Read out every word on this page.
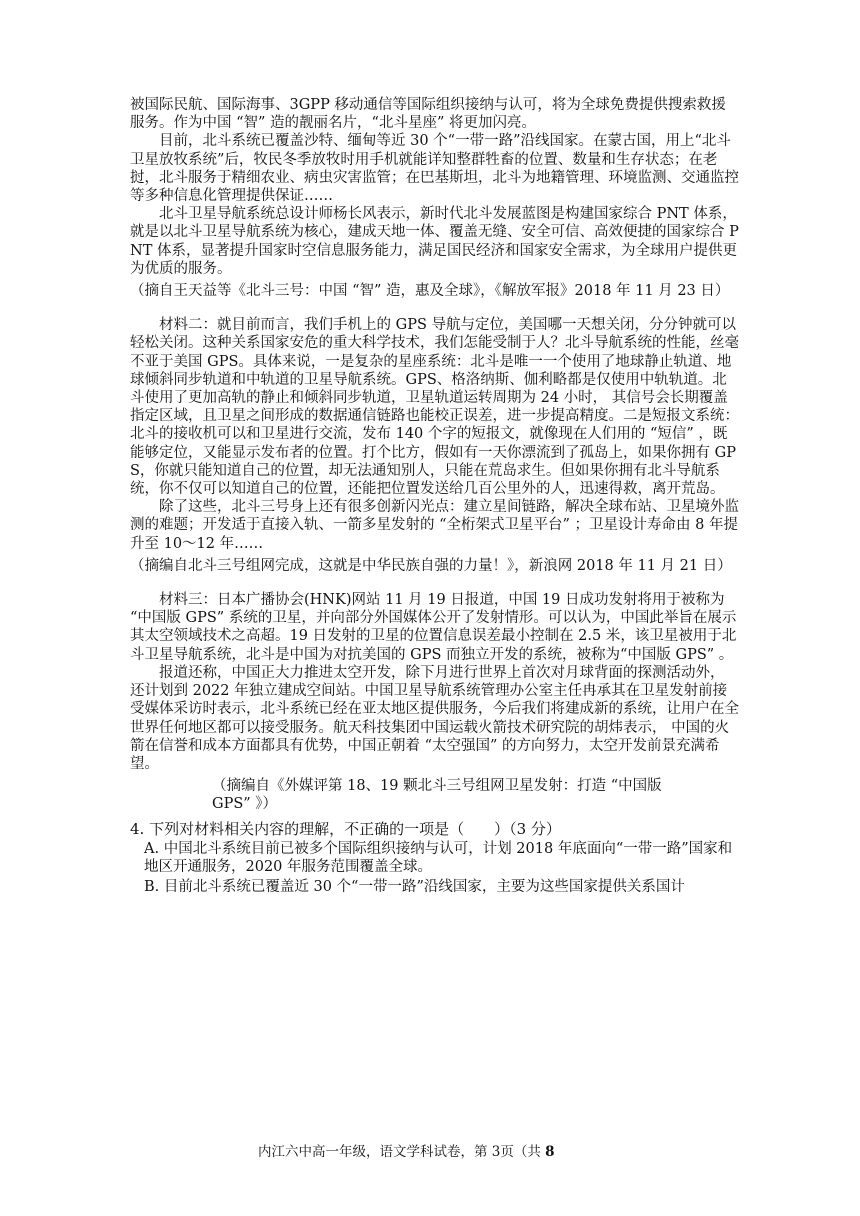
被国际民航、国际海事、3GPP 移动通信等国际组织接纳与认可，将为全球免费提供搜索救援服务。作为中国 “智” 造的靓丽名片，“北斗星座” 将更加闪亮。

目前，北斗系统已覆盖沙特、缅甸等近 30 个“一带一路”沿线国家。在蒙古国，用上“北斗卫星放牧系统”后，牧民冬季放牧时用手机就能详知整群牲畜的位置、数量和生存状态；在老挝，北斗服务于精细农业、病虫灾害监管；在巴基斯坦，北斗为地籍管理、环境监测、交通监控等多种信息化管理提供保证……

北斗卫星导航系统总设计师杨长风表示，新时代北斗发展蓝图是构建国家综合 PNT 体系，就是以北斗卫星导航系统为核心，建成天地一体、覆盖无缝、安全可信、高效便捷的国家综合 PNT 体系，显著提升国家时空信息服务能力，满足国民经济和国家安全需求，为全球用户提供更为优质的服务。

（摘自王天益等《北斗三号：中国 “智” 造，惠及全球》，《解放军报》2018 年 11 月 23 日）

材料二：就目前而言，我们手机上的 GPS 导航与定位，美国哪一天想关闭，分分钟就可以轻松关闭。这种关系国家安危的重大科学技术，我们怎能受制于人？北斗导航系统的性能，丝毫不亚于美国 GPS。具体来说，一是复杂的星座系统：北斗是唯一一个使用了地球静止轨道、地球倾斜同步轨道和中轨道的卫星导航系统。GPS、格洛纳斯、伽利略都是仅使用中轨轨道。北斗使用了更加高轨的静止和倾斜同步轨道，卫星轨道运转周期为 24 小时， 其信号会长期覆盖指定区域，且卫星之间形成的数据通信链路也能校正误差，进一步提高精度。二是短报文系统：北斗的接收机可以和卫星进行交流，发布 140 个字的短报文，就像现在人们用的 “短信” ，既能够定位，又能显示发布者的位置。打个比方，假如有一天你漂流到了孤岛上，如果你拥有 GPS，你就只能知道自己的位置，却无法通知别人，只能在荒岛求生。但如果你拥有北斗导航系统，你不仅可以知道自己的位置，还能把位置发送给几百公里外的人，迅速得救，离开荒岛。

除了这些，北斗三号身上还有很多创新闪光点：建立星间链路，解决全球布站、卫星境外监测的难题；开发适于直接入轨、一箭多星发射的 “全桁架式卫星平台” ；卫星设计寿命由 8 年提升至 10～12 年……

（摘编自北斗三号组网完成，这就是中华民族自强的力量！》，新浪网 2018 年 11 月 21 日）

材料三：日本广播协会(HNK)网站 11 月 19 日报道，中国 19 日成功发射将用于被称为 “中国版 GPS” 系统的卫星，并向部分外国媒体公开了发射情形。可以认为，中国此举旨在展示其太空领域技术之高超。19 日发射的卫星的位置信息误差最小控制在 2.5 米，该卫星被用于北斗卫星导航系统，北斗是中国为对抗美国的 GPS 而独立开发的系统，被称为“中国版 GPS” 。

报道还称，中国正大力推进太空开发，除下月进行世界上首次对月球背面的探测活动外， 还计划到 2022 年独立建成空间站。中国卫星导航系统管理办公室主任冉承其在卫星发射前接受媒体采访时表示，北斗系统已经在亚太地区提供服务，今后我们将建成新的系统，让用户在全世界任何地区都可以接受服务。航天科技集团中国运载火箭技术研究院的胡炜表示， 中国的火箭在信誉和成本方面都具有优势，中国正朝着 “太空强国” 的方向努力，太空开发前景充满希望。

（摘编自《外媒评第 18、19 颗北斗三号组网卫星发射：打造 “中国版
GPS” 》）
4. 下列对材料相关内容的理解，不正确的一项是（　　）（3 分）
A. 中国北斗系统目前已被多个国际组织接纳与认可，计划 2018 年底面向“一带一路”国家和地区开通服务，2020 年服务范围覆盖全球。
B. 目前北斗系统已覆盖近 30 个“一带一路”沿线国家，主要为这些国家提供关系国计
内江六中高一年级，语文学科试卷，第 3页（共 8
